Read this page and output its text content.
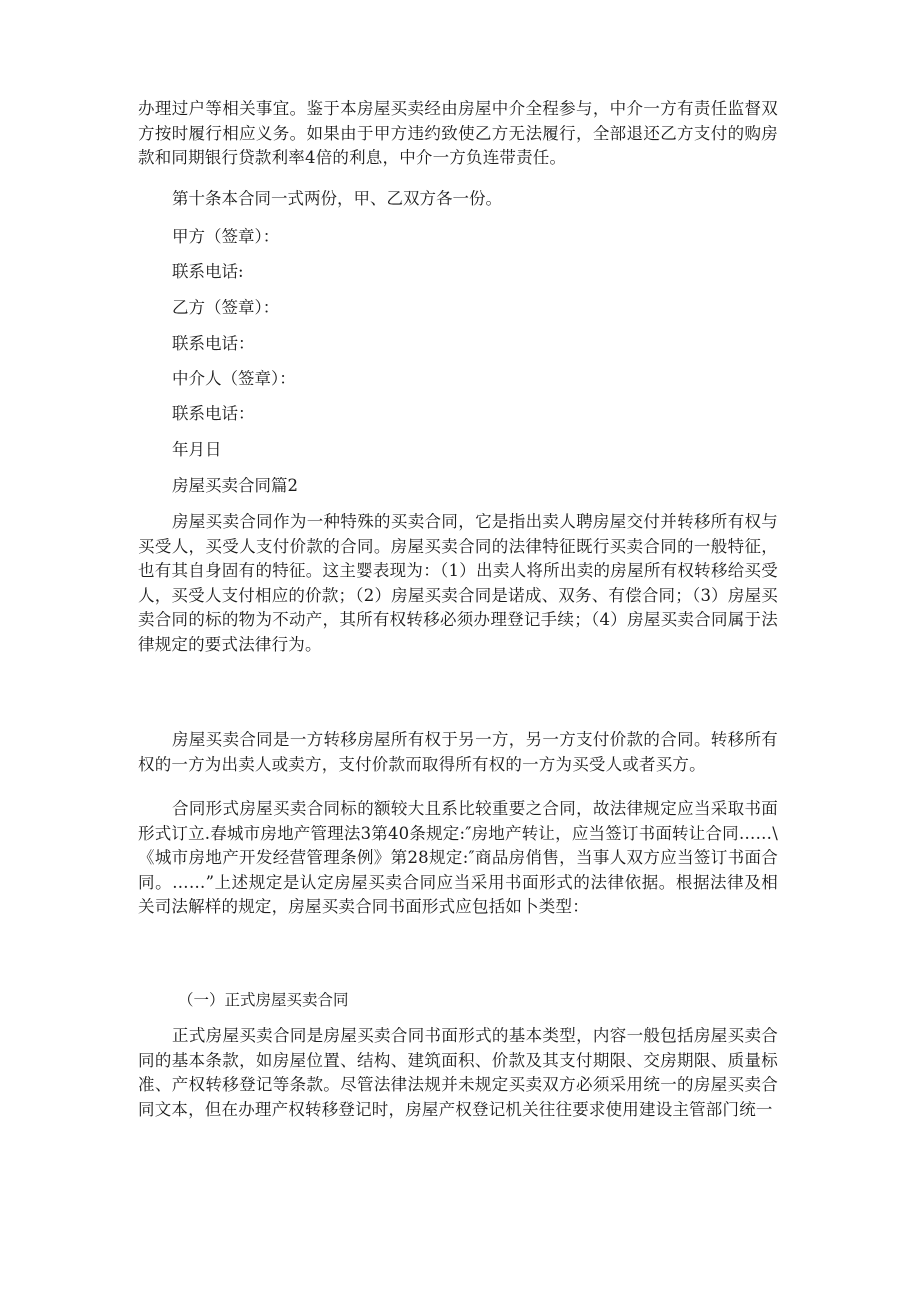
办理过户等相关事宜。鉴于本房屋买卖经由房屋中介全程参与，中介一方有责任监督双方按时履行相应义务。如果由于甲方违约致使乙方无法履行，全部退还乙方支付的购房款和同期银行贷款利率4倍的利息，中介一方负连带责任。

第十条本合同一式两份，甲、乙双方各一份。

甲方（签章）：

联系电话:

乙方（签章）：

联系电话：

中介人（签章）：

联系电话：

年月日

房屋买卖合同篇2

房屋买卖合同作为一种特殊的买卖合同，它是指出卖人聘房屋交付并转移所有权与买受人，买受人支付价款的合同。房屋买卖合同的法律特征既行买卖合同的一般特征，也有其自身固有的特征。这主婴表现为：（1）出卖人将所出卖的房屋所有权转移给买受人，买受人支付相应的价款；（2）房屋买卖合同是诺成、双务、有偿合同；（3）房屋买卖合同的标的物为不动产，其所有权转移必须办理登记手续；（4）房屋买卖合同属于法律规定的要式法律行为。

房屋买卖合同是一方转移房屋所有权于另一方，另一方支付价款的合同。转移所有权的一方为出卖人或卖方，支付价款而取得所有权的一方为买受人或者买方。

合同形式房屋买卖合同标的额较大且系比较重要之合同，故法律规定应当采取书面形式订立.春城市房地产管理法3第40条规定:″房地产转让，应当签订书面转让合同……\《城市房地产开发经营管理条例》第28规定:″商品房俏售，当事人双方应当签订书面合同。……”上述规定是认定房屋买卖合同应当采用书面形式的法律依据。根据法律及相关司法解样的规定，房屋买卖合同书面形式应包括如卜类型：

（一）正式房屋买卖合同

正式房屋买卖合同是房屋买卖合同书面形式的基本类型，内容一般包括房屋买卖合同的基本条款，如房屋位置、结构、建筑面积、价款及其支付期限、交房期限、质量标准、产权转移登记等条款。尽管法律法规并未规定买卖双方必须采用统一的房屋买卖合同文本，但在办理产权转移登记时，房屋产权登记机关往往要求使用建设主管部门统一
